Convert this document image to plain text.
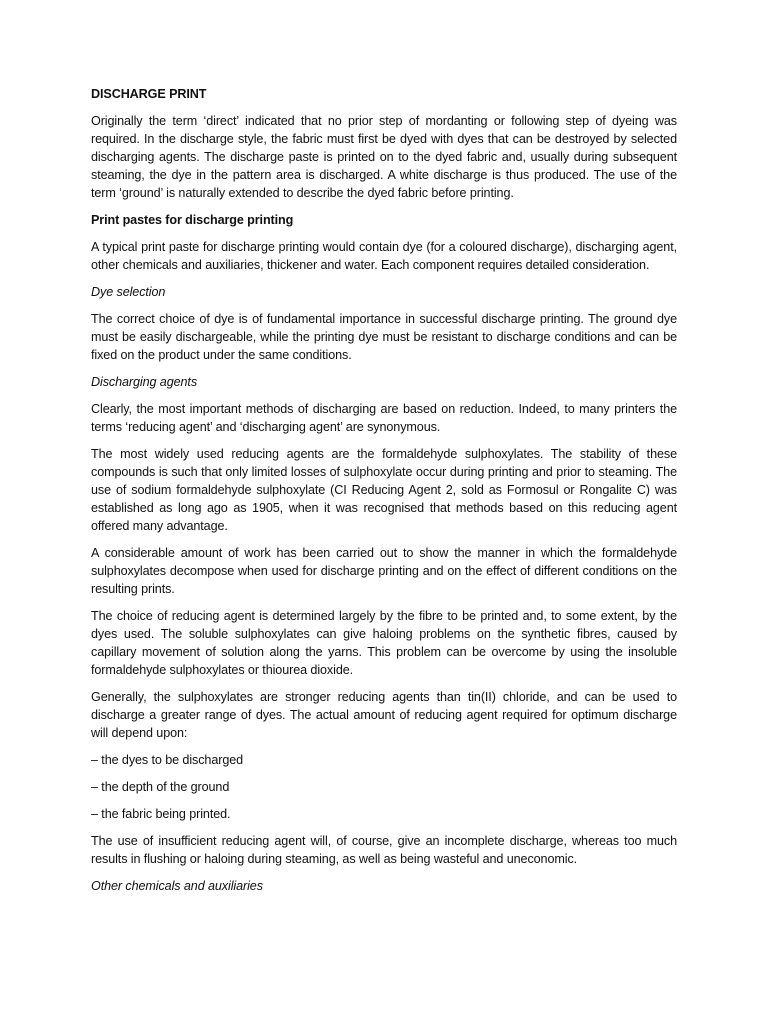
DISCHARGE PRINT
Originally the term ‘direct’ indicated that no prior step of mordanting or following step of dyeing was required. In the discharge style, the fabric must first be dyed with dyes that can be destroyed by selected discharging agents. The discharge paste is printed on to the dyed fabric and, usually during subsequent steaming, the dye in the pattern area is discharged. A white discharge is thus produced. The use of the term ‘ground’ is naturally extended to describe the dyed fabric before printing.
Print pastes for discharge printing
A typical print paste for discharge printing would contain dye (for a coloured discharge), discharging agent, other chemicals and auxiliaries, thickener and water. Each component requires detailed consideration.
Dye selection
The correct choice of dye is of fundamental importance in successful discharge printing. The ground dye must be easily dischargeable, while the printing dye must be resistant to discharge conditions and can be fixed on the product under the same conditions.
Discharging agents
Clearly, the most important methods of discharging are based on reduction. Indeed, to many printers the terms ‘reducing agent’ and ‘discharging agent’ are synonymous.
The most widely used reducing agents are the formaldehyde sulphoxylates. The stability of these compounds is such that only limited losses of sulphoxylate occur during printing and prior to steaming. The use of sodium formaldehyde sulphoxylate (CI Reducing Agent 2, sold as Formosul or Rongalite C) was established as long ago as 1905, when it was recognised that methods based on this reducing agent offered many advantage.
A considerable amount of work has been carried out to show the manner in which the formaldehyde sulphoxylates decompose when used for discharge printing and on the effect of different conditions on the resulting prints.
The choice of reducing agent is determined largely by the fibre to be printed and, to some extent, by the dyes used. The soluble sulphoxylates can give haloing problems on the synthetic fibres, caused by capillary movement of solution along the yarns. This problem can be overcome by using the insoluble formaldehyde sulphoxylates or thiourea dioxide.
Generally, the sulphoxylates are stronger reducing agents than tin(II) chloride, and can be used to discharge a greater range of dyes. The actual amount of reducing agent required for optimum discharge will depend upon:
– the dyes to be discharged
– the depth of the ground
– the fabric being printed.
The use of insufficient reducing agent will, of course, give an incomplete discharge, whereas too much results in flushing or haloing during steaming, as well as being wasteful and uneconomic.
Other chemicals and auxiliaries
